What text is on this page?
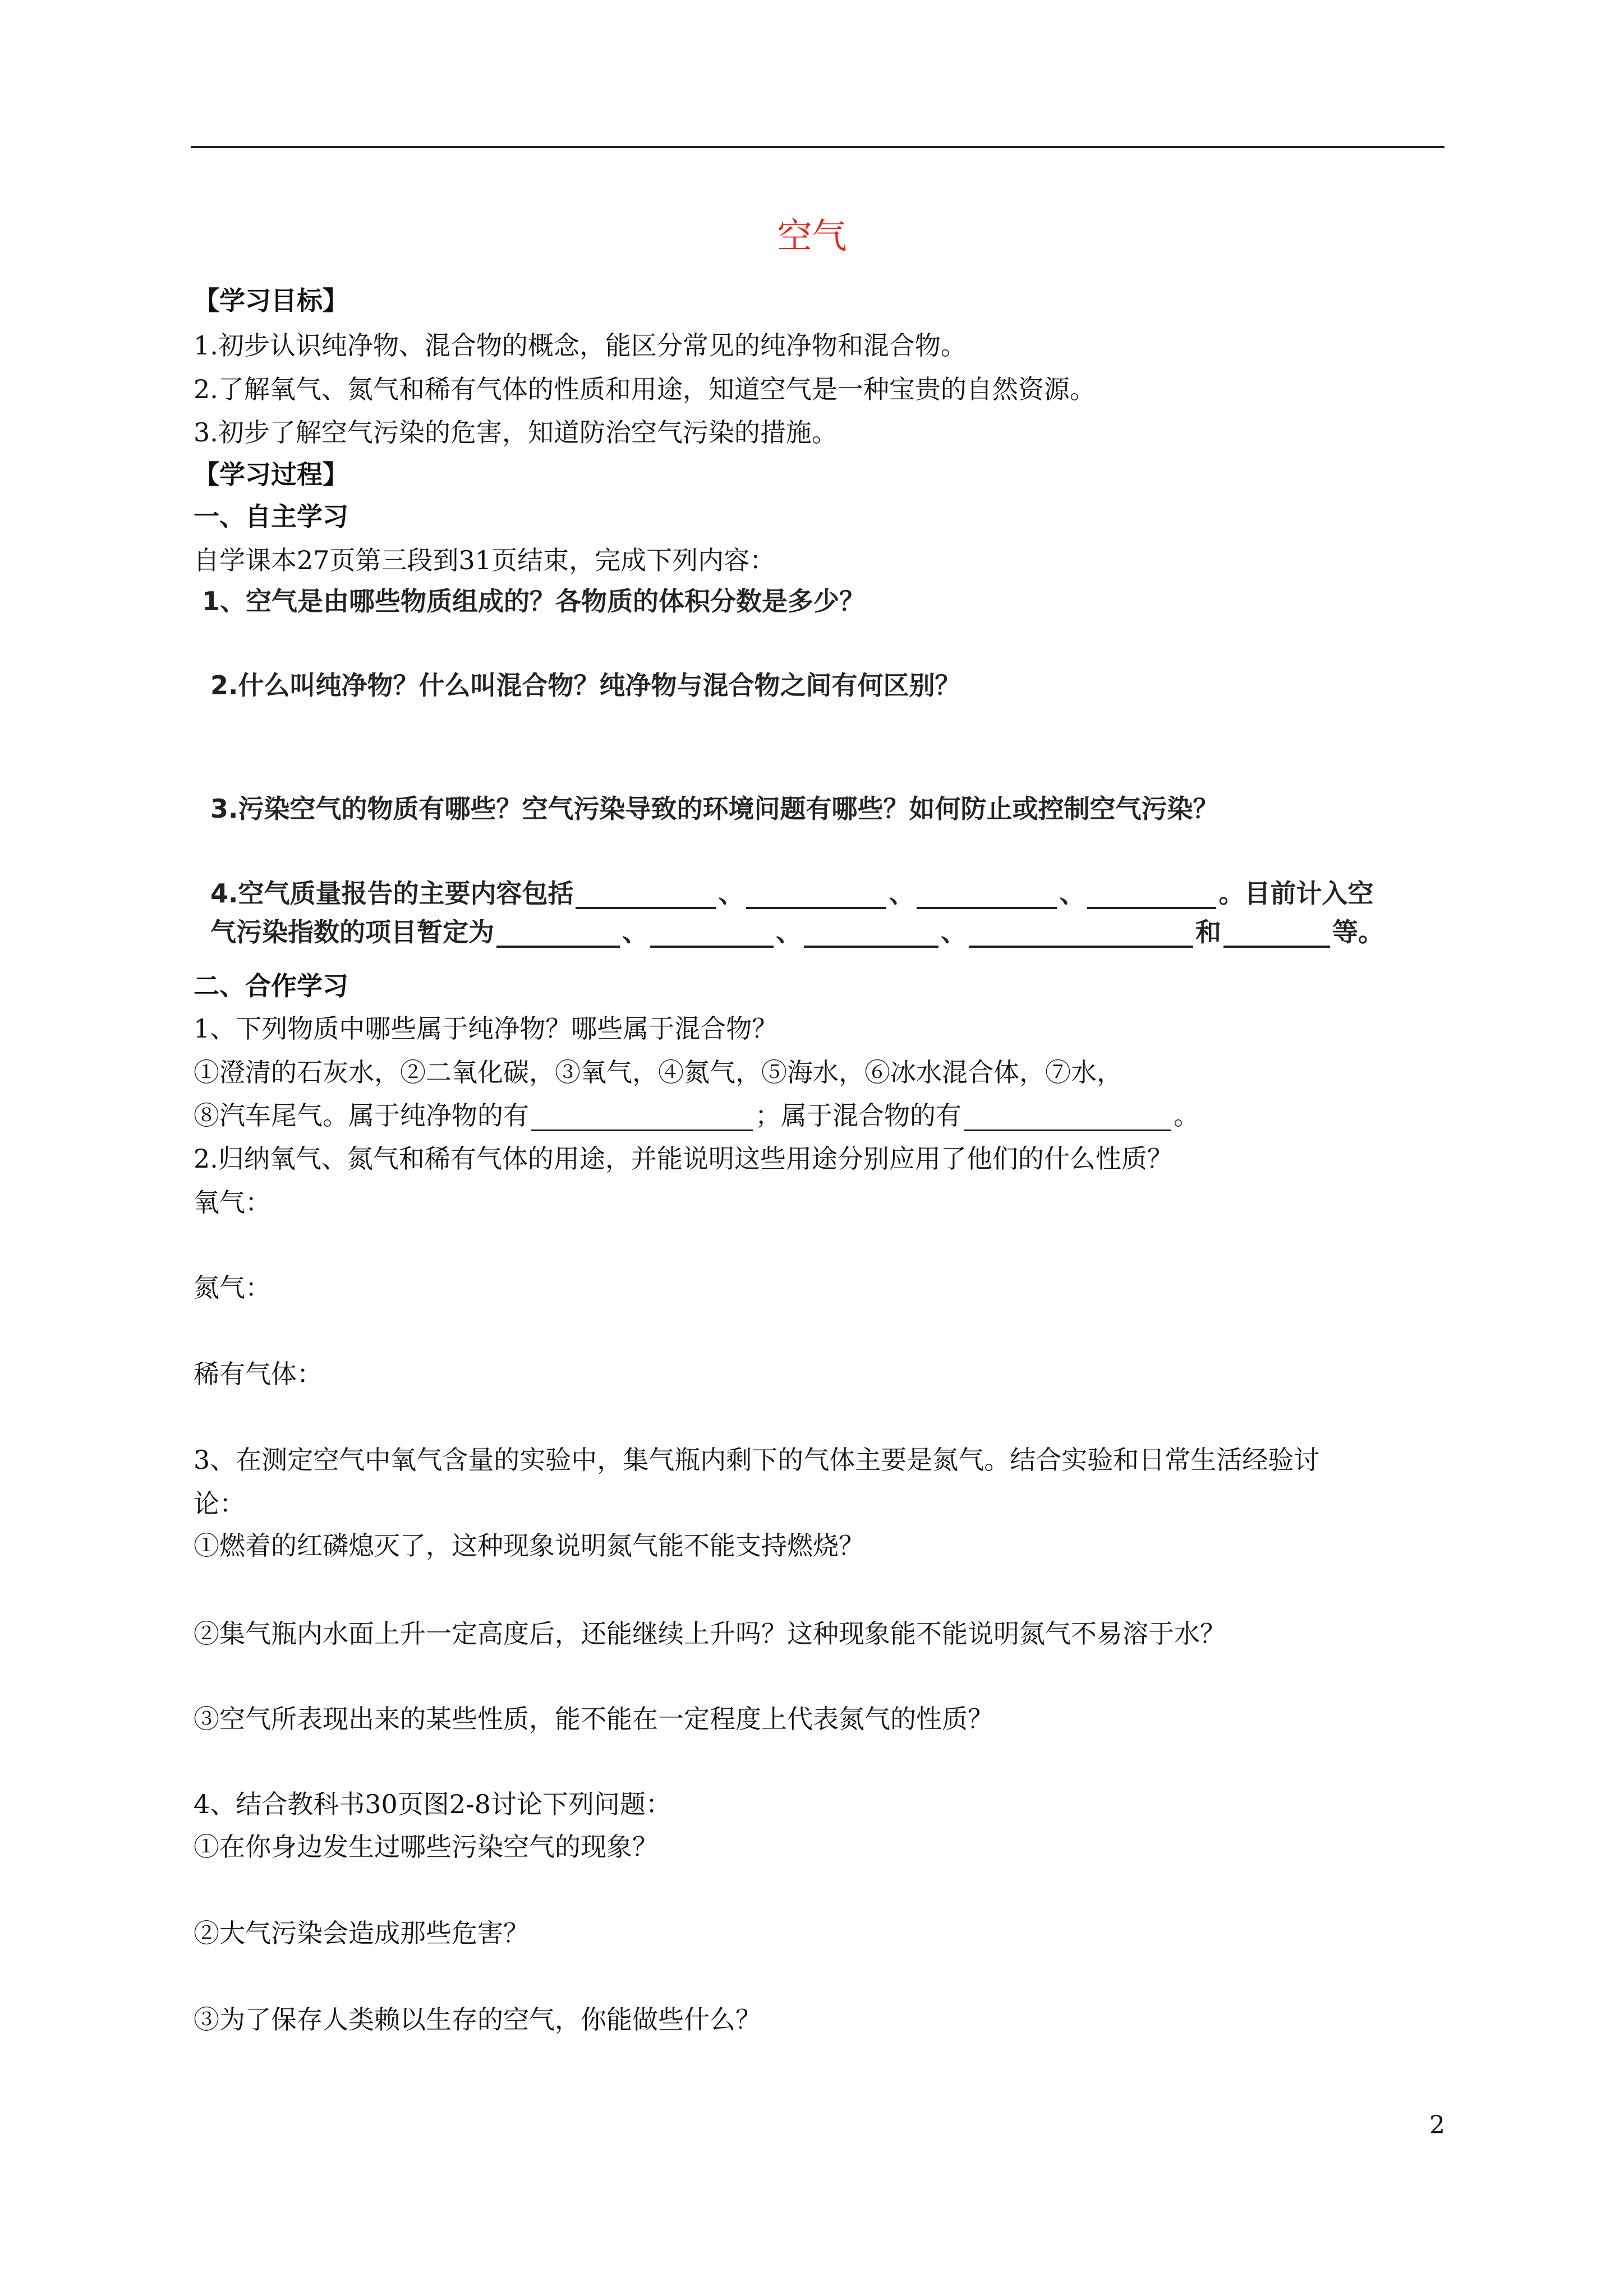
空气
【学习目标】
1.初步认识纯净物、混合物的概念，能区分常见的纯净物和混合物。
2.了解氧气、氮气和稀有气体的性质和用途，知道空气是一种宝贵的自然资源。
3.初步了解空气污染的危害，知道防治空气污染的措施。
【学习过程】
一、自主学习
自学课本27页第三段到31页结束，完成下列内容：
1、空气是由哪些物质组成的？各物质的体积分数是多少？
2.什么叫纯净物？什么叫混合物？纯净物与混合物之间有何区别？
3.污染空气的物质有哪些？空气污染导致的环境问题有哪些？如何防止或控制空气污染？
4.空气质量报告的主要内容包括	、	、	、	。目前计入空
气污染指数的项目暂定为	、	、	、	和	等。
二、合作学习
1、下列物质中哪些属于纯净物？哪些属于混合物？
①澄清的石灰水，②二氧化碳，③氧气，④氮气，⑤海水，⑥冰水混合体，⑦水，
⑧汽车尾气。属于纯净物的有	；属于混合物的有	。
2.归纳氧气、氮气和稀有气体的用途，并能说明这些用途分别应用了他们的什么性质？
氧气：
氮气：
稀有气体：
3、在测定空气中氧气含量的实验中，集气瓶内剩下的气体主要是氮气。结合实验和日常生活经验讨
论：
①燃着的红磷熄灭了，这种现象说明氮气能不能支持燃烧？
②集气瓶内水面上升一定高度后，还能继续上升吗？这种现象能不能说明氮气不易溶于水？
③空气所表现出来的某些性质，能不能在一定程度上代表氮气的性质？
4、结合教科书30页图2-8讨论下列问题：
①在你身边发生过哪些污染空气的现象？
②大气污染会造成那些危害？
③为了保存人类赖以生存的空气，你能做些什么？
2
